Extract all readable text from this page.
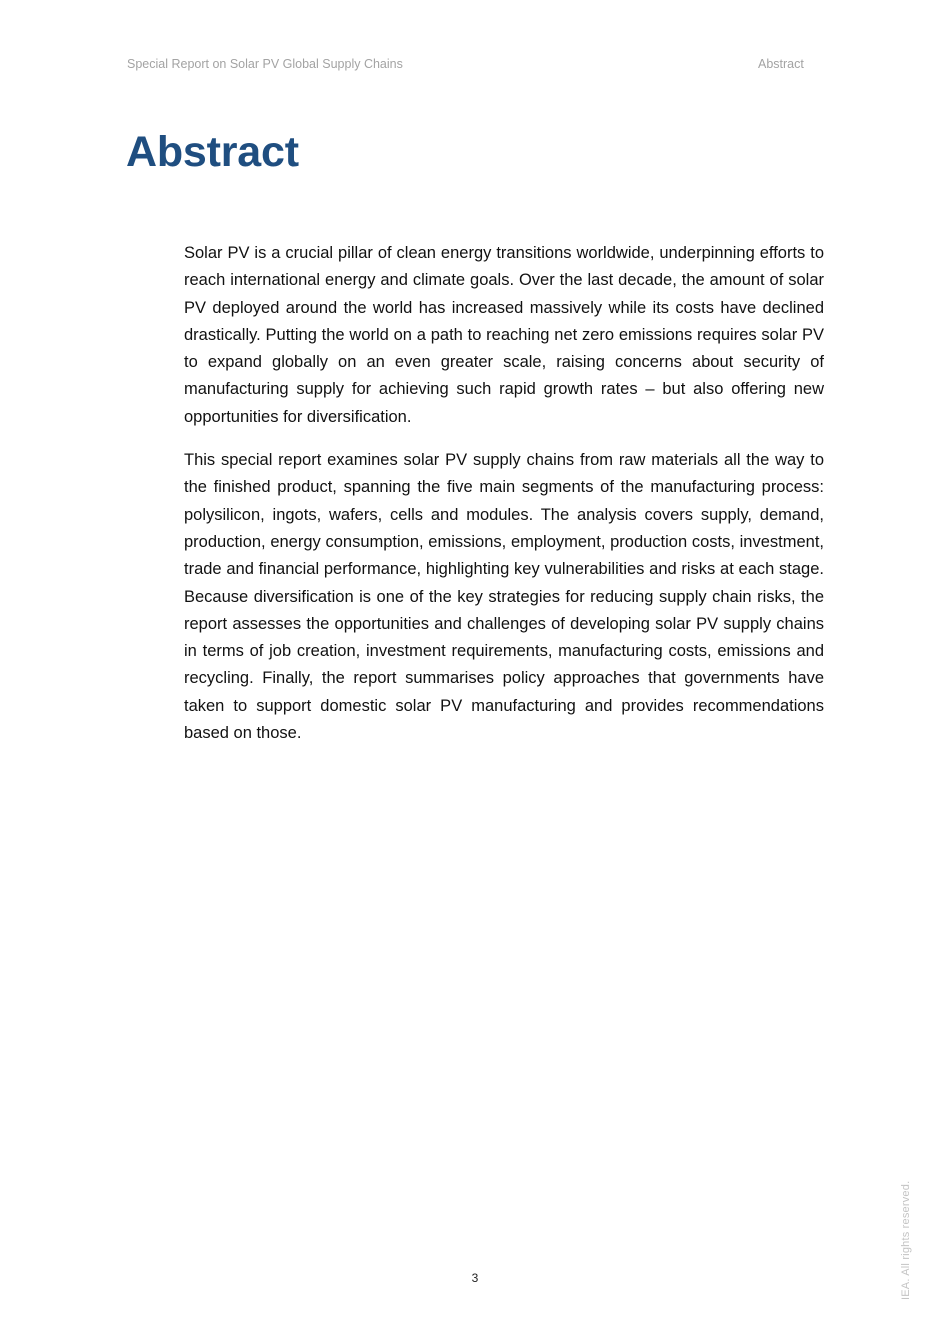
Special Report on Solar PV Global Supply Chains	Abstract
Abstract

Solar PV is a crucial pillar of clean energy transitions worldwide, underpinning efforts to reach international energy and climate goals. Over the last decade, the amount of solar PV deployed around the world has increased massively while its costs have declined drastically. Putting the world on a path to reaching net zero emissions requires solar PV to expand globally on an even greater scale, raising concerns about security of manufacturing supply for achieving such rapid growth rates – but also offering new opportunities for diversification.

This special report examines solar PV supply chains from raw materials all the way to the finished product, spanning the five main segments of the manufacturing process: polysilicon, ingots, wafers, cells and modules. The analysis covers supply, demand, production, energy consumption, emissions, employment, production costs, investment, trade and financial performance, highlighting key vulnerabilities and risks at each stage. Because diversification is one of the key strategies for reducing supply chain risks, the report assesses the opportunities and challenges of developing solar PV supply chains in terms of job creation, investment requirements, manufacturing costs, emissions and recycling. Finally, the report summarises policy approaches that governments have taken to support domestic solar PV manufacturing and provides recommendations based on those.

3	IEA. All rights reserved.
